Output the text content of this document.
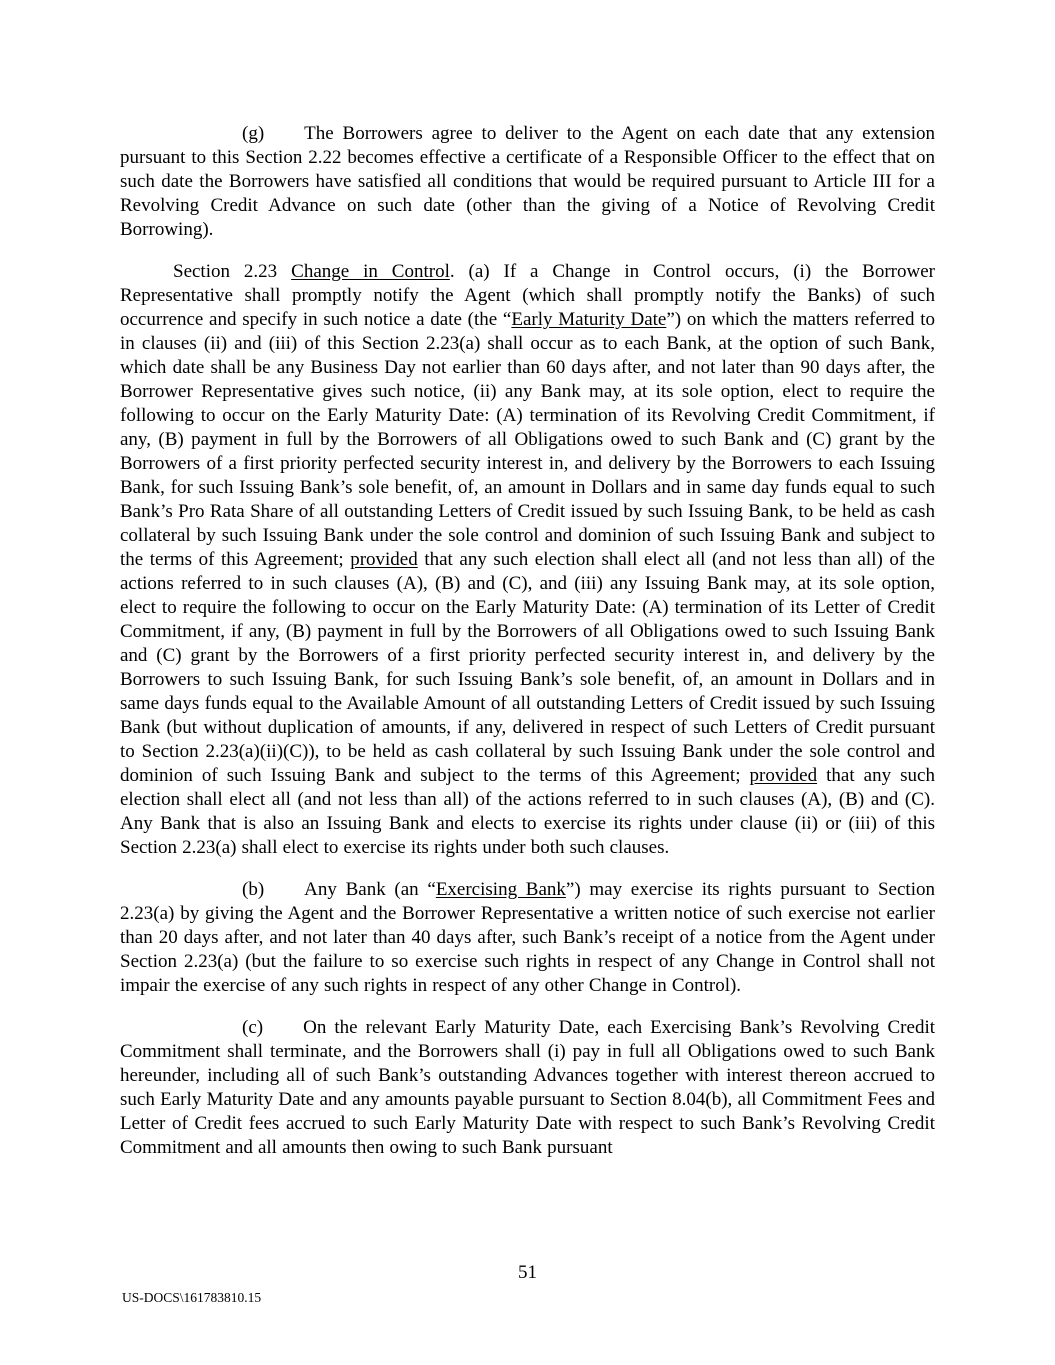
(g) The Borrowers agree to deliver to the Agent on each date that any extension pursuant to this Section 2.22 becomes effective a certificate of a Responsible Officer to the effect that on such date the Borrowers have satisfied all conditions that would be required pursuant to Article III for a Revolving Credit Advance on such date (other than the giving of a Notice of Revolving Credit Borrowing).

Section 2.23 Change in Control. (a) If a Change in Control occurs, (i) the Borrower Representative shall promptly notify the Agent (which shall promptly notify the Banks) of such occurrence and specify in such notice a date (the “Early Maturity Date”) on which the matters referred to in clauses (ii) and (iii) of this Section 2.23(a) shall occur as to each Bank, at the option of such Bank, which date shall be any Business Day not earlier than 60 days after, and not later than 90 days after, the Borrower Representative gives such notice, (ii) any Bank may, at its sole option, elect to require the following to occur on the Early Maturity Date: (A) termination of its Revolving Credit Commitment, if any, (B) payment in full by the Borrowers of all Obligations owed to such Bank and (C) grant by the Borrowers of a first priority perfected security interest in, and delivery by the Borrowers to each Issuing Bank, for such Issuing Bank’s sole benefit, of, an amount in Dollars and in same day funds equal to such Bank’s Pro Rata Share of all outstanding Letters of Credit issued by such Issuing Bank, to be held as cash collateral by such Issuing Bank under the sole control and dominion of such Issuing Bank and subject to the terms of this Agreement; provided that any such election shall elect all (and not less than all) of the actions referred to in such clauses (A), (B) and (C), and (iii) any Issuing Bank may, at its sole option, elect to require the following to occur on the Early Maturity Date: (A) termination of its Letter of Credit Commitment, if any, (B) payment in full by the Borrowers of all Obligations owed to such Issuing Bank and (C) grant by the Borrowers of a first priority perfected security interest in, and delivery by the Borrowers to such Issuing Bank, for such Issuing Bank’s sole benefit, of, an amount in Dollars and in same days funds equal to the Available Amount of all outstanding Letters of Credit issued by such Issuing Bank (but without duplication of amounts, if any, delivered in respect of such Letters of Credit pursuant to Section 2.23(a)(ii)(C)), to be held as cash collateral by such Issuing Bank under the sole control and dominion of such Issuing Bank and subject to the terms of this Agreement; provided that any such election shall elect all (and not less than all) of the actions referred to in such clauses (A), (B) and (C). Any Bank that is also an Issuing Bank and elects to exercise its rights under clause (ii) or (iii) of this Section 2.23(a) shall elect to exercise its rights under both such clauses.

(b) Any Bank (an “Exercising Bank”) may exercise its rights pursuant to Section 2.23(a) by giving the Agent and the Borrower Representative a written notice of such exercise not earlier than 20 days after, and not later than 40 days after, such Bank’s receipt of a notice from the Agent under Section 2.23(a) (but the failure to so exercise such rights in respect of any Change in Control shall not impair the exercise of any such rights in respect of any other Change in Control).

(c) On the relevant Early Maturity Date, each Exercising Bank’s Revolving Credit Commitment shall terminate, and the Borrowers shall (i) pay in full all Obligations owed to such Bank hereunder, including all of such Bank’s outstanding Advances together with interest thereon accrued to such Early Maturity Date and any amounts payable pursuant to Section 8.04(b), all Commitment Fees and Letter of Credit fees accrued to such Early Maturity Date with respect to such Bank’s Revolving Credit Commitment and all amounts then owing to such Bank pursuant

51
US-DOCS\161783810.15
